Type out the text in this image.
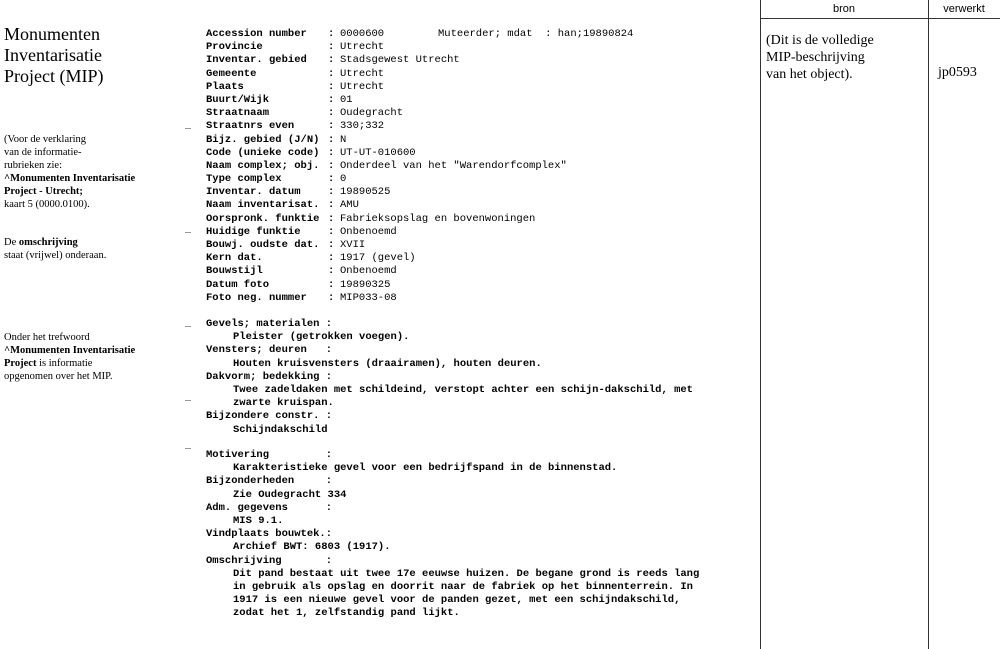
Monumenten
Inventarisatie
Project (MIP)
(Voor de verklaring
van de informatie-
rubrieken zie:
^Monumenten Inventarisatie
Project - Utrecht;
kaart 5 (0000.0100).
De omschrijving
staat (vrijwel) onderaan.
Onder het trefwoord
^Monumenten Inventarisatie
Project is informatie
opgenomen over het MIP.
Muteerder; mdat  : han;19890824
Accession number : 0000600
Provincie	: Utrecht
Inventar. gebied : Stadsgewest Utrecht
Gemeente	: Utrecht
Plaats	: Utrecht
Buurt/Wijk	: 01
Straatnaam	: Oudegracht
Straatnrs even	: 330;332
Bijz. gebied (J/N) : N
Code (unieke code) : UT-UT-010600
Naam complex; obj. : Onderdeel van het "Warendorfcomplex"
Type complex	: 0
Inventar. datum	: 19890525
Naam inventarisat. : AMU
Oorspronk. funktie : Fabrieksopslag en bovenwoningen
Huidige funktie	: Onbenoemd
Bouwj. oudste dat. : XVII
Kern dat.	: 1917 (gevel)
Bouwstijl	: Onbenoemd
Datum foto	: 19890325
Foto neg. nummer : MIP033-08
Gevels; materialen :
Pleister (getrokken voegen).
Vensters; deuren   :
Houten kruisvensters (draairamen), houten deuren.
Dakvorm; bedekking :
Twee zadeldaken met schildeind, verstopt achter een schijn-dakschild, met
zwarte kruispan.
Bijzondere constr. :
Schijndakschild
Motivering         :
Karakteristieke gevel voor een bedrijfspand in de binnenstad.
Bijzonderheden     :
Zie Oudegracht 334
Adm. gegevens      :
MIS 9.1.
Vindplaats bouwtek.:
Archief BWT: 6803 (1917).
Omschrijving       :
Dit pand bestaat uit twee 17e eeuwse huizen. De begane grond is reeds lang
in gebruik als opslag en doorrit naar de fabriek op het binnenterrein. In
1917 is een nieuwe gevel voor de panden gezet, met een schijndakschild,
zodat het 1, zelfstandig pand lijkt.
bron	verwerkt
(Dit is de volledige
MIP-beschrijving
van het object).	jp0593
